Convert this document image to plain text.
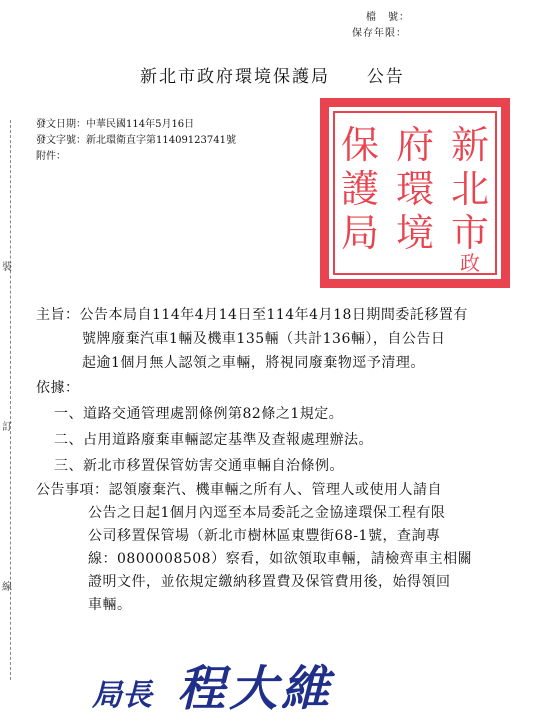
檔　號：
保存年限：
新北市政府環境保護局 公告
發文日期：中華民國114年5月16日
發文字號：新北環衛直字第11409123741號
附件：
裝
訂
線
新
北
市
政
府
環
境
保
護
局
主旨：公告本局自114年4月14日至114年4月18日期間委託移置有
號牌廢棄汽車1輛及機車135輛（共計136輛），自公告日
起逾1個月無人認領之車輛，將視同廢棄物逕予清理。
依據：
一、道路交通管理處罰條例第82條之1規定。
二、占用道路廢棄車輛認定基準及查報處理辦法。
三、新北市移置保管妨害交通車輛自治條例。
公告事項：認領廢棄汽、機車輛之所有人、管理人或使用人請自
公告之日起1個月內逕至本局委託之金協達環保工程有限
公司移置保管場（新北市樹林區東豐街68-1號，查詢專
線：0800008508）察看，如欲領取車輛，請檢齊車主相關
證明文件，並依規定繳納移置費及保管費用後，始得領回
車輛。
局長 程大維
